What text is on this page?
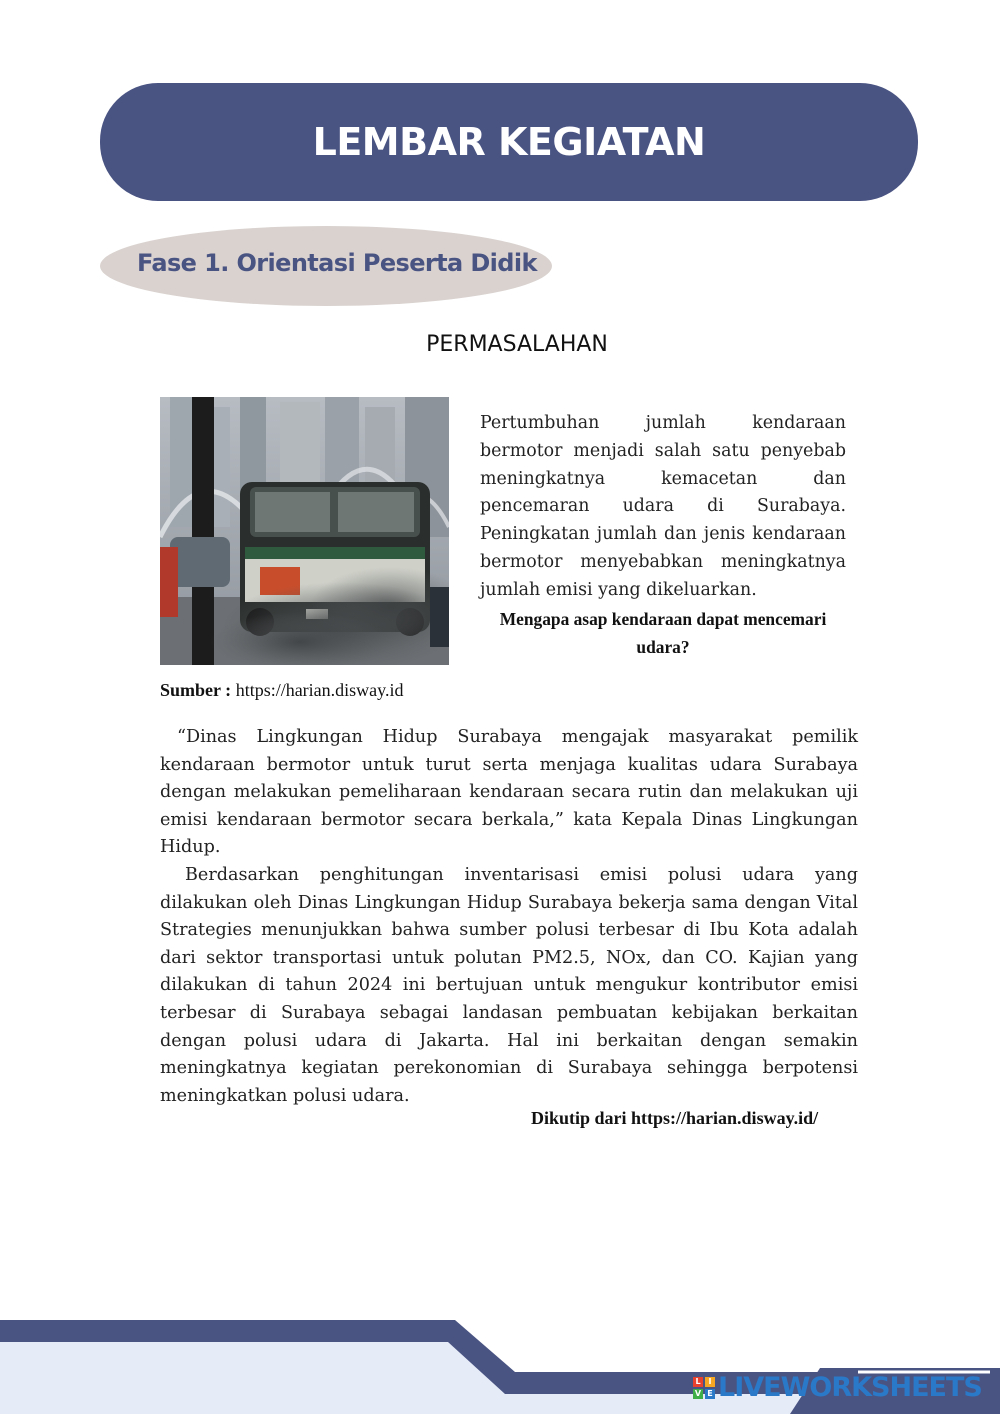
LEMBAR KEGIATAN
Fase 1. Orientasi Peserta Didik
PERMASALAHAN
Pertumbuhan jumlah kendaraan bermotor menjadi salah satu penyebab meningkatnya kemacetan dan pencemaran udara di Surabaya. Peningkatan jumlah dan jenis kendaraan bermotor menyebabkan meningkatnya jumlah emisi yang dikeluarkan.
Mengapa asap kendaraan dapat mencemari udara?
Sumber : https://harian.disway.id

“Dinas Lingkungan Hidup Surabaya mengajak masyarakat pemilik kendaraan bermotor untuk turut serta menjaga kualitas udara Surabaya dengan melakukan pemeliharaan kendaraan secara rutin dan melakukan uji emisi kendaraan bermotor secara berkala,” kata Kepala Dinas Lingkungan Hidup.

Berdasarkan penghitungan inventarisasi emisi polusi udara yang dilakukan oleh Dinas Lingkungan Hidup Surabaya bekerja sama dengan Vital Strategies menunjukkan bahwa sumber polusi terbesar di Ibu Kota adalah dari sektor transportasi untuk polutan PM2.5, NOx, dan CO. Kajian yang dilakukan di tahun 2024 ini bertujuan untuk mengukur kontributor emisi terbesar di Surabaya sebagai landasan pembuatan kebijakan berkaitan dengan polusi udara di Jakarta. Hal ini berkaitan dengan semakin meningkatnya kegiatan perekonomian di Surabaya sehingga berpotensi meningkatkan polusi udara.

Dikutip dari https://harian.disway.id/
L I
V E LIVEWORKSHEETS
